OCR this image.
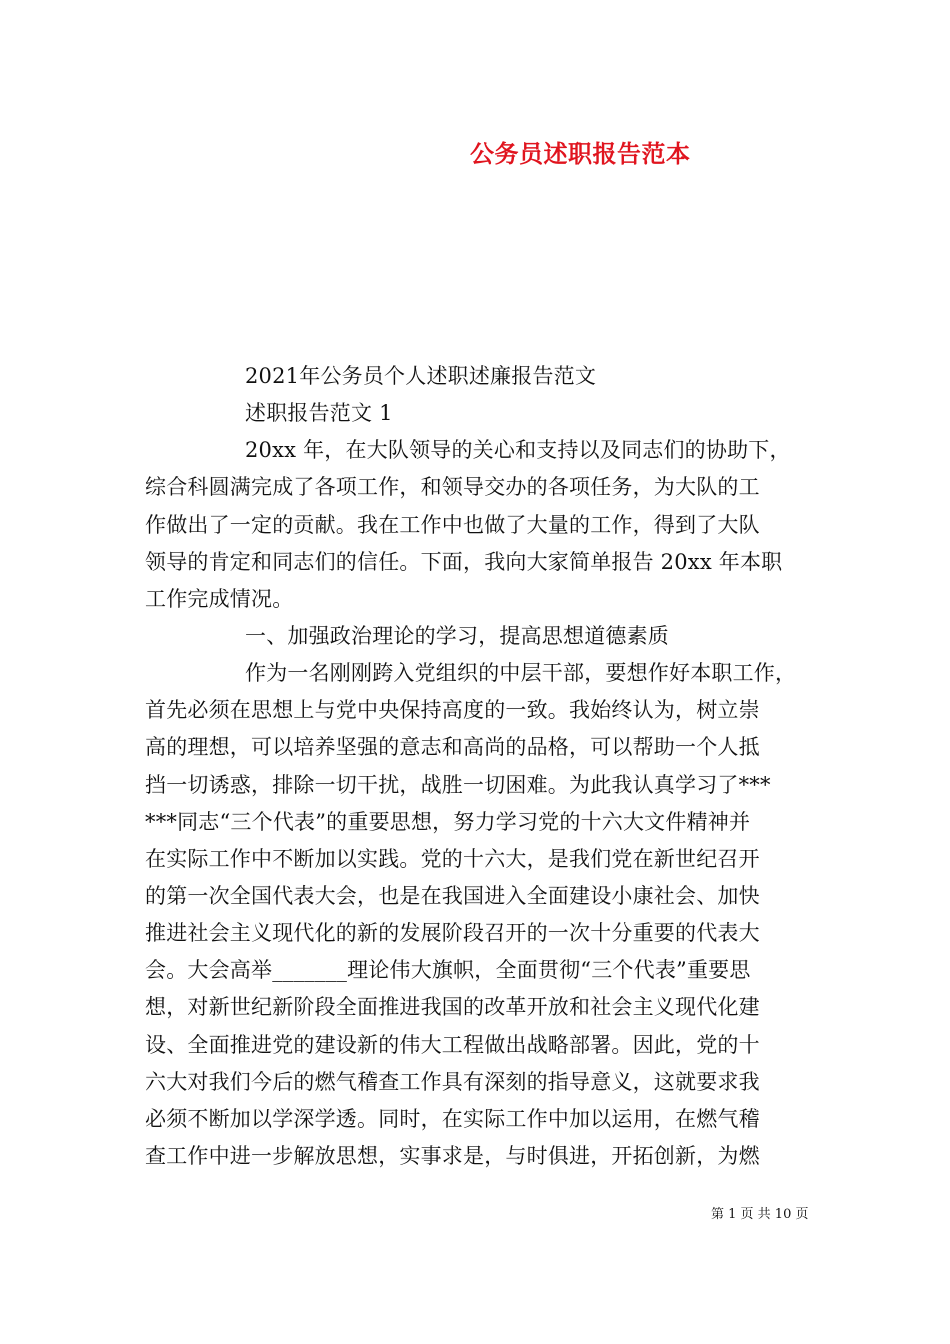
公务员述职报告范本
2021年公务员个人述职述廉报告范文
述职报告范文 1
20xx 年，在大队领导的关心和支持以及同志们的协助下，
综合科圆满完成了各项工作，和领导交办的各项任务，为大队的工
作做出了一定的贡献。我在工作中也做了大量的工作，得到了大队
领导的肯定和同志们的信任。下面，我向大家简单报告 20xx 年本职
工作完成情况。
一、加强政治理论的学习，提高思想道德素质
作为一名刚刚跨入党组织的中层干部，要想作好本职工作，
首先必须在思想上与党中央保持高度的一致。我始终认为，树立崇
高的理想，可以培养坚强的意志和高尚的品格，可以帮助一个人抵
挡一切诱惑，排除一切干扰，战胜一切困难。为此我认真学习了***
***同志“三个代表”的重要思想，努力学习党的十六大文件精神并
在实际工作中不断加以实践。党的十六大，是我们党在新世纪召开
的第一次全国代表大会，也是在我国进入全面建设小康社会、加快
推进社会主义现代化的新的发展阶段召开的一次十分重要的代表大
会。大会高举_______理论伟大旗帜，全面贯彻“三个代表”重要思
想，对新世纪新阶段全面推进我国的改革开放和社会主义现代化建
设、全面推进党的建设新的伟大工程做出战略部署。因此，党的十
六大对我们今后的燃气稽查工作具有深刻的指导意义，这就要求我
必须不断加以学深学透。同时，在实际工作中加以运用，在燃气稽
查工作中进一步解放思想，实事求是，与时俱进，开拓创新，为燃
第 1 页 共 10 页
